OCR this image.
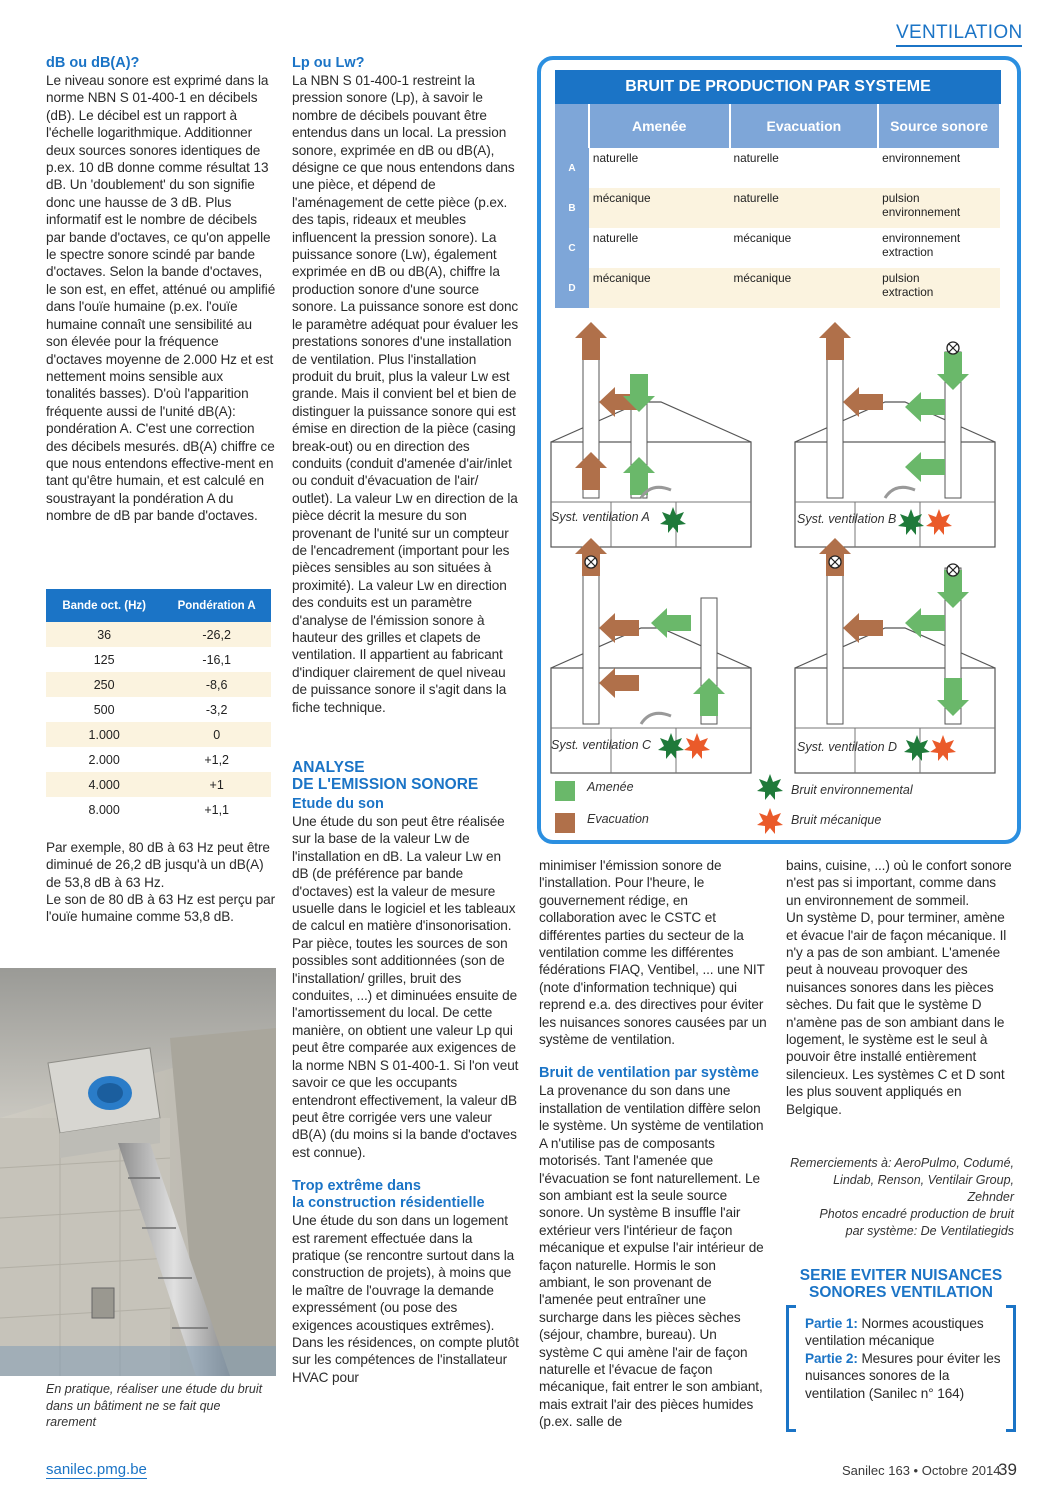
VENTILATION
dB ou dB(A)?
Le niveau sonore est exprimé dans la norme NBN S 01-400-1 en décibels (dB). Le décibel est un rapport à l'échelle logarithmique. Additionner deux sources sonores identiques de p.ex. 10 dB donne comme résultat 13 dB. Un 'doublement' du son signifie donc une hausse de 3 dB. Plus informatif est le nombre de décibels par bande d'octaves, ce qu'on appelle le spectre sonore scindé par bande d'octaves. Selon la bande d'octaves, le son est, en effet, atténué ou amplifié dans l'ouïe humaine (p.ex. l'ouïe humaine connaît une sensibilité au son élevée pour la fréquence d'octaves moyenne de 2.000 Hz et est nettement moins sensible aux tonalités basses). D'où l'apparition fréquente aussi de l'unité dB(A): pondération A. C'est une correction des décibels mesurés. dB(A) chiffre ce que nous entendons effective-ment en tant qu'être humain, et est calculé en soustrayant la pondération A du nombre de dB par bande d'octaves.
Bande oct. (Hz)	Pondération A
36	-26,2
125	-16,1
250	-8,6
500	-3,2
1.000	0
2.000	+1,2
4.000	+1
8.000	+1,1
Par exemple, 80 dB à 63 Hz peut être diminué de 26,2 dB jusqu'à un dB(A) de 53,8 dB à 63 Hz.
Le son de 80 dB à 63 Hz est perçu par l'ouïe humaine comme 53,8 dB.
En pratique, réaliser une étude du bruit dans un bâtiment ne se fait que rarement
Lp ou Lw?
La NBN S 01-400-1 restreint la pression sonore (Lp), à savoir le nombre de décibels pouvant être entendus dans un local. La pression sonore, exprimée en dB ou dB(A), désigne ce que nous entendons dans une pièce, et dépend de l'aménagement de cette pièce (p.ex. des tapis, rideaux et meubles influencent la pression sonore). La puissance sonore (Lw), également exprimée en dB ou dB(A), chiffre la production sonore d'une source sonore. La puissance sonore est donc le paramètre adéquat pour évaluer les prestations sonores d'une installation de ventilation. Plus l'installation produit du bruit, plus la valeur Lw est grande. Mais il convient bel et bien de distinguer la puissance sonore qui est émise en direction de la pièce (casing break-out) ou en direction des conduits (conduit d'amenée d'air/inlet ou conduit d'évacuation de l'air/ outlet). La valeur Lw en direction de la pièce décrit la mesure du son provenant de l'unité sur un compteur de l'encadrement (important pour les pièces sensibles au son situées à proximité). La valeur Lw en direction des conduits est un paramètre d'analyse de l'émission sonore à hauteur des grilles et clapets de ventilation. Il appartient au fabricant d'indiquer clairement de quel niveau de puissance sonore il s'agit dans la fiche technique.
ANALYSE
DE L'EMISSION SONORE
Etude du son
Une étude du son peut être réalisée sur la base de la valeur Lw de l'installation en dB. La valeur Lw en dB (de préférence par bande d'octaves) est la valeur de mesure usuelle dans le logiciel et les tableaux de calcul en matière d'insonorisation. Par pièce, toutes les sources de son possibles sont additionnées (son de l'installation/ grilles, bruit des conduites, ...) et diminuées ensuite de l'amortissement du local. De cette manière, on obtient une valeur Lp qui peut être comparée aux exigences de la norme NBN S 01-400-1. Si l'on veut savoir ce que les occupants entendront effectivement, la valeur dB peut être corrigée vers une valeur dB(A) (du moins si la bande d'octaves est connue).
Trop extrême dans
la construction résidentielle
Une étude du son dans un logement est rarement effectuée dans la pratique (se rencontre surtout dans la construction de projets), à moins que le maître de l'ouvrage la demande expressément (ou pose des exigences acoustiques extrêmes). Dans les résidences, on compte plutôt sur les compétences de l'installateur HVAC pour
BRUIT DE PRODUCTION PAR SYSTEME
	Amenée	Evacuation	Source sonore
A	naturelle	naturelle	environnement

B	mécanique	naturelle	pulsion
environnement

C	naturelle	mécanique	environnement
extraction

D	mécanique	mécanique	pulsion
extraction
Syst. ventilation A	Syst. ventilation B
Syst. ventilation C	Syst. ventilation D
Amenée
Evacuation
Bruit environnemental
Bruit mécanique
minimiser l'émission sonore de l'installation. Pour l'heure, le gouvernement rédige, en collaboration avec le CSTC et différentes parties du secteur de la ventilation comme les différentes fédérations FIAQ, Ventibel, ... une NIT (note d'information technique) qui reprend e.a. des directives pour éviter les nuisances sonores causées par un système de ventilation.
Bruit de ventilation par système
La provenance du son dans une installation de ventilation diffère selon le système. Un système de ventilation A n'utilise pas de composants motorisés. Tant l'amenée que l'évacuation se font naturellement. Le son ambiant est la seule source sonore. Un système B insuffle l'air extérieur vers l'intérieur de façon mécanique et expulse l'air intérieur de façon naturelle. Hormis le son ambiant, le son provenant de l'amenée peut entraîner une surcharge dans les pièces sèches (séjour, chambre, bureau). Un système C qui amène l'air de façon naturelle et l'évacue de façon mécanique, fait entrer le son ambiant, mais extrait l'air des pièces humides (p.ex. salle de
bains, cuisine, ...) où le confort sonore n'est pas si important, comme dans un environnement de sommeil.
Un système D, pour terminer, amène et évacue l'air de façon mécanique. Il n'y a pas de son ambiant. L'amenée peut à nouveau provoquer des nuisances sonores dans les pièces sèches. Du fait que le système D n'amène pas de son ambiant dans le logement, le système est le seul à pouvoir être installé entièrement silencieux. Les systèmes C et D sont les plus souvent appliqués en Belgique.
Remerciements à: AeroPulmo, Codumé, Lindab, Renson, Ventilair Group, Zehnder
Photos encadré production de bruit par système: De Ventilatiegids
SERIE EVITER NUISANCES
SONORES VENTILATION
Partie 1: Normes acoustiques ventilation mécanique
Partie 2: Mesures pour éviter les nuisances sonores de la ventilation (Sanilec n° 164)
sanilec.pmg.be	Sanilec 163 • Octobre 2014
39
